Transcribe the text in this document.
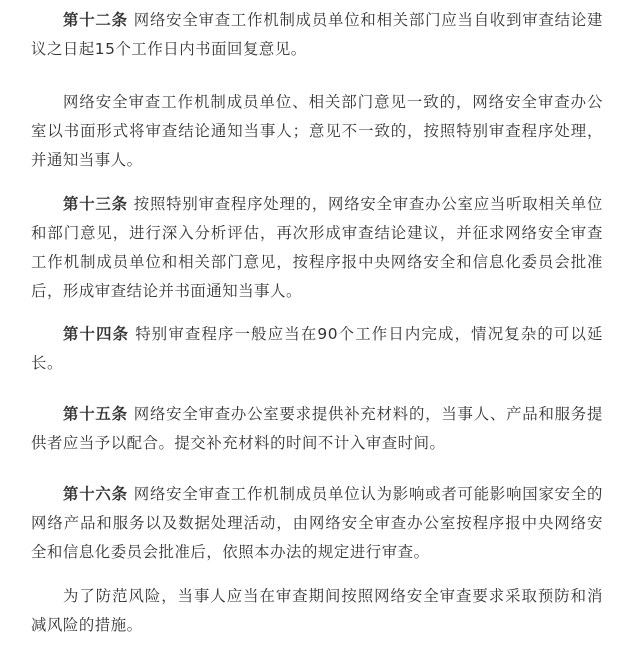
第十二条 网络安全审查工作机制成员单位和相关部门应当自收到审查结论建议之日起15个工作日内书面回复意见。

网络安全审查工作机制成员单位、相关部门意见一致的，网络安全审查办公室以书面形式将审查结论通知当事人；意见不一致的，按照特别审查程序处理，并通知当事人。

第十三条 按照特别审查程序处理的，网络安全审查办公室应当听取相关单位和部门意见，进行深入分析评估，再次形成审查结论建议，并征求网络安全审查工作机制成员单位和相关部门意见，按程序报中央网络安全和信息化委员会批准后，形成审查结论并书面通知当事人。

第十四条 特别审查程序一般应当在90个工作日内完成，情况复杂的可以延长。

第十五条 网络安全审查办公室要求提供补充材料的，当事人、产品和服务提供者应当予以配合。提交补充材料的时间不计入审查时间。

第十六条 网络安全审查工作机制成员单位认为影响或者可能影响国家安全的网络产品和服务以及数据处理活动，由网络安全审查办公室按程序报中央网络安全和信息化委员会批准后，依照本办法的规定进行审查。

为了防范风险，当事人应当在审查期间按照网络安全审查要求采取预防和消减风险的措施。
